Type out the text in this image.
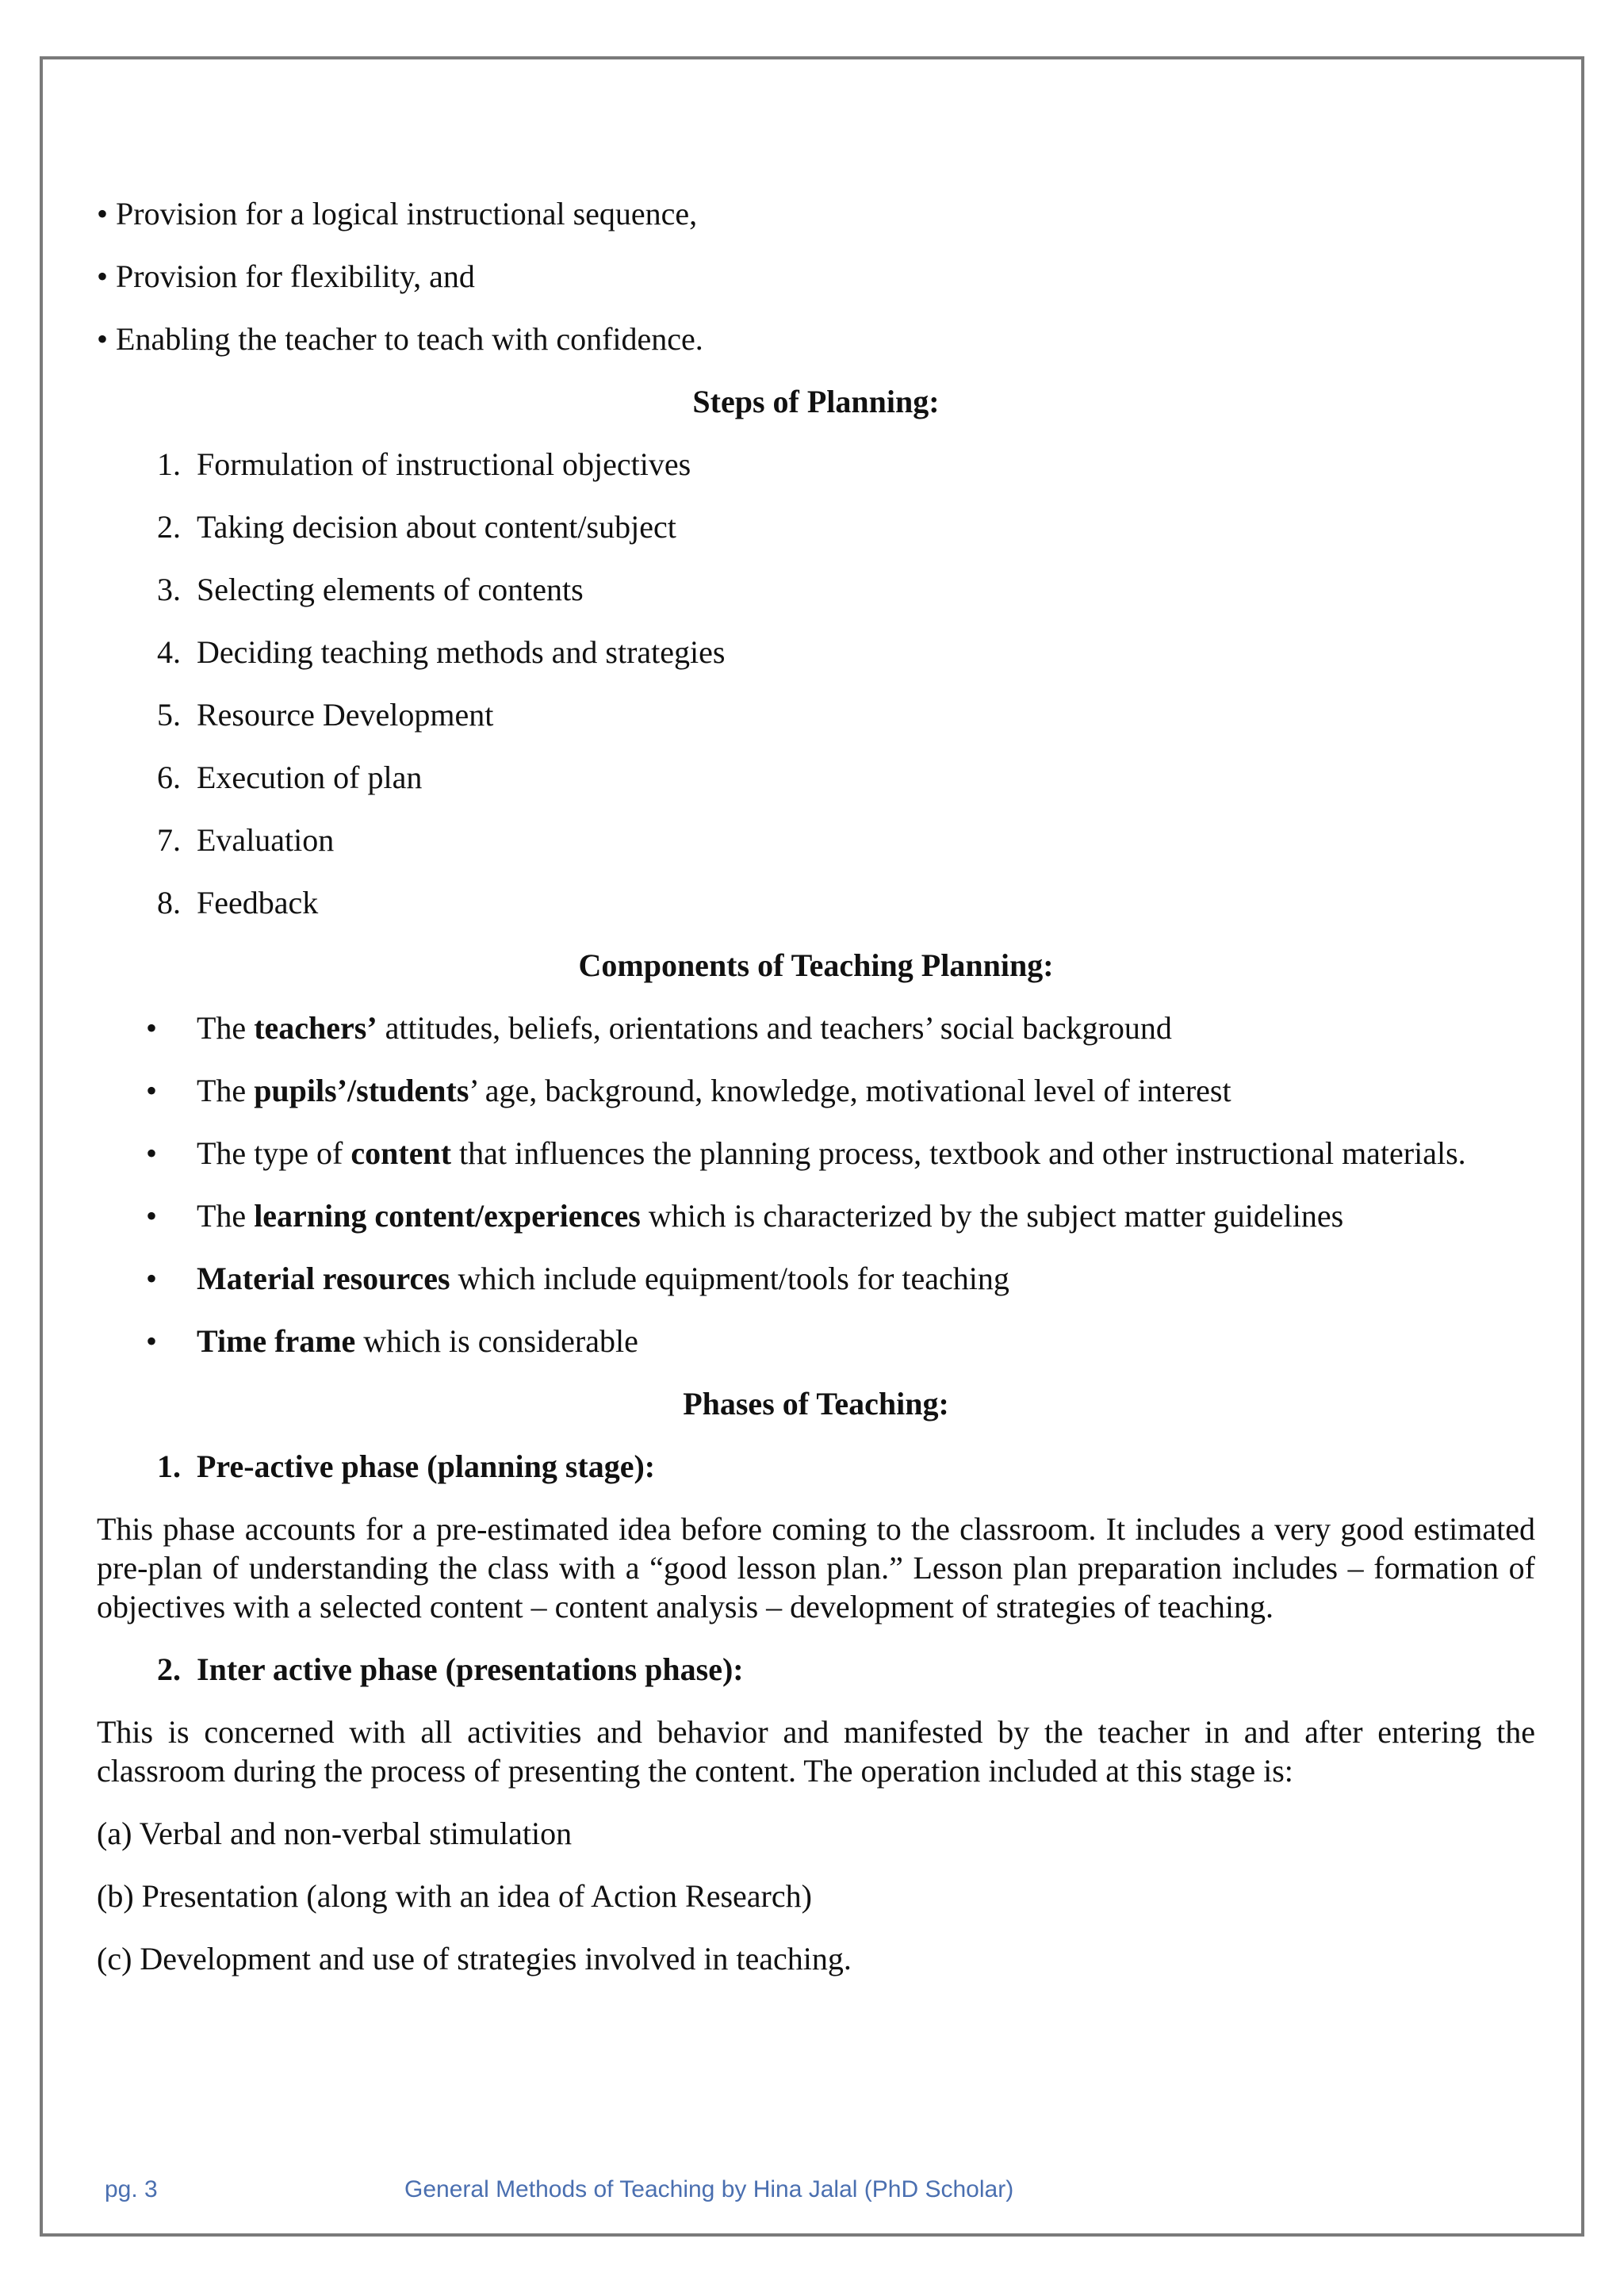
• Provision for a logical instructional sequence,
• Provision for flexibility, and
• Enabling the teacher to teach with confidence.
Steps of Planning:
1. Formulation of instructional objectives
2. Taking decision about content/subject
3. Selecting elements of contents
4. Deciding teaching methods and strategies
5. Resource Development
6. Execution of plan
7. Evaluation
8. Feedback
Components of Teaching Planning:
•	The teachers’ attitudes, beliefs, orientations and teachers’ social background
•	The pupils’/students’ age, background, knowledge, motivational level of interest
•	The type of content that influences the planning process, textbook and other instructional materials.
•	The learning content/experiences which is characterized by the subject matter guidelines
•	Material resources which include equipment/tools for teaching
•	Time frame which is considerable
Phases of Teaching:
1. Pre-active phase (planning stage):
This phase accounts for a pre-estimated idea before coming to the classroom. It includes a very good estimated pre-plan of understanding the class with a “good lesson plan.” Lesson plan preparation includes – formation of objectives with a selected content – content analysis – development of strategies of teaching.
2. Inter active phase (presentations phase):
This is concerned with all activities and behavior and manifested by the teacher in and after entering the classroom during the process of presenting the content. The operation included at this stage is:
(a) Verbal and non-verbal stimulation
(b) Presentation (along with an idea of Action Research)
(c) Development and use of strategies involved in teaching.
pg. 3	General Methods of Teaching by Hina Jalal (PhD Scholar)
